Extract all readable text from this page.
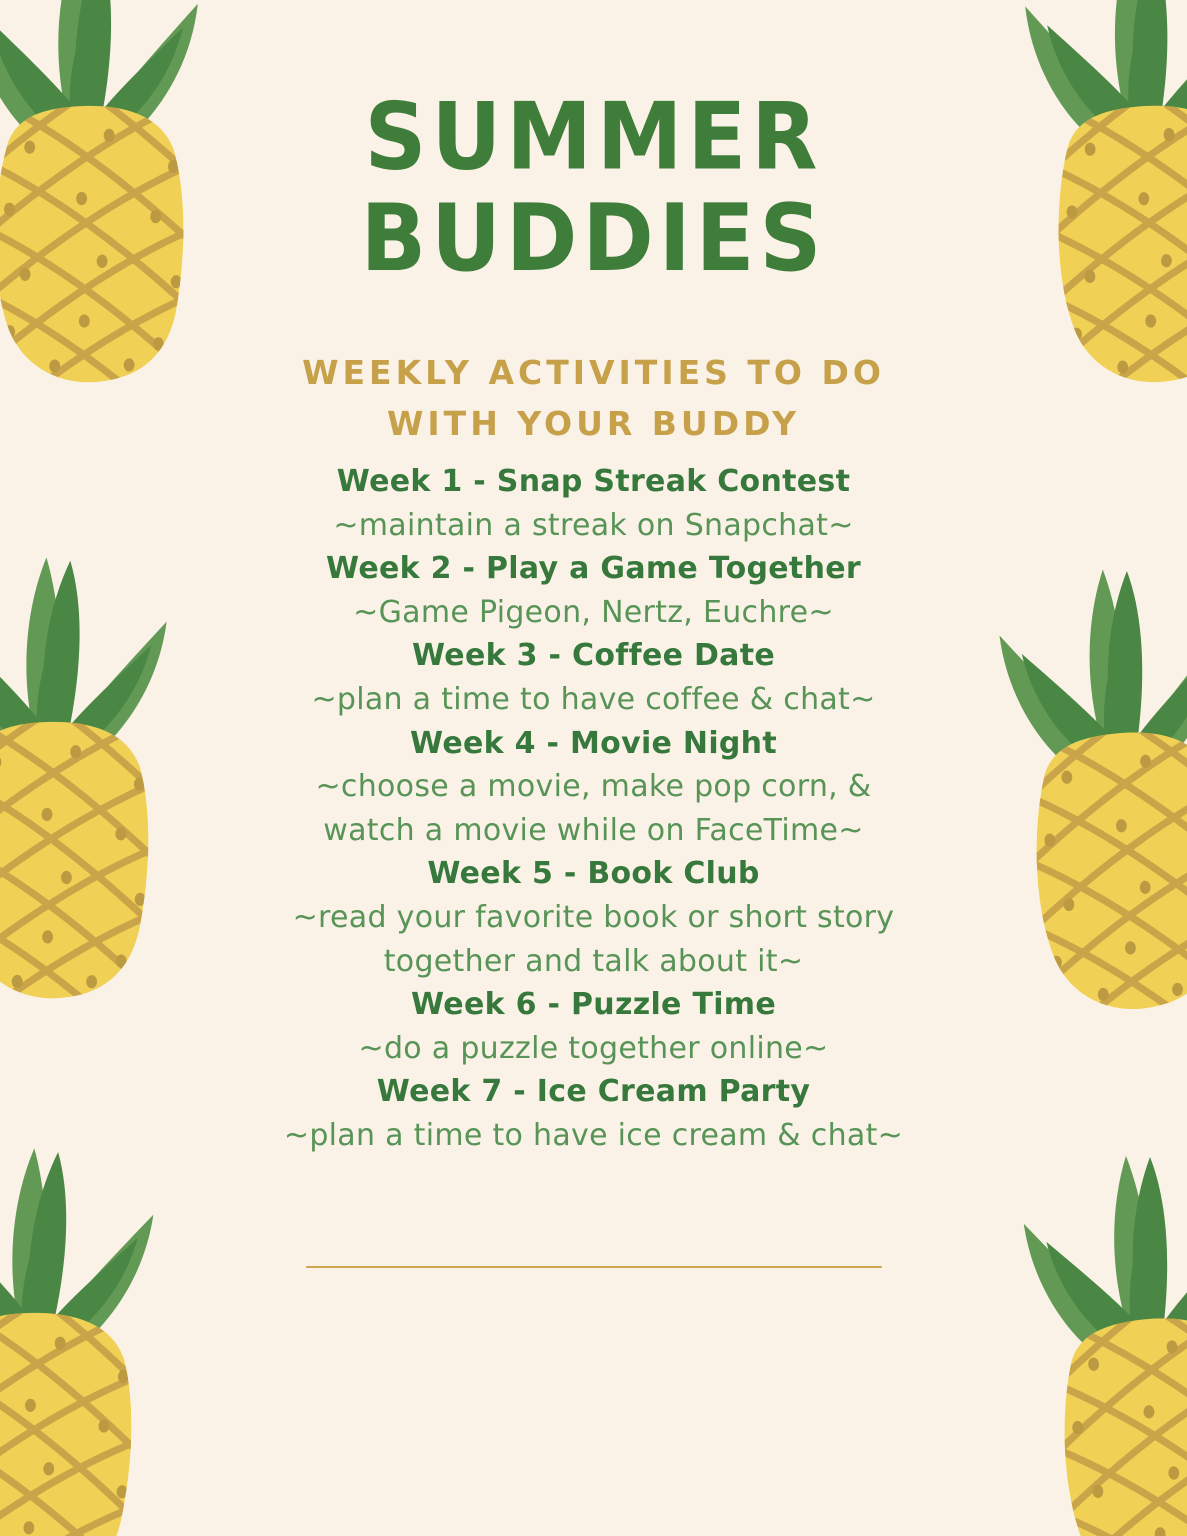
SUMMER
BUDDIES
WEEKLY ACTIVITIES TO DO WITH YOUR BUDDY
Week 1 - Snap Streak Contest
~maintain a streak on Snapchat~
Week 2 - Play a Game Together
~Game Pigeon, Nertz, Euchre~
Week 3 - Coffee Date
~plan a time to have coffee & chat~
Week 4 - Movie Night
~choose a movie, make pop corn, & watch a movie while on FaceTime~
Week 5 - Book Club
~read your favorite book or short story together and talk about it~
Week 6 - Puzzle Time
~do a puzzle together online~
Week 7 - Ice Cream Party
~plan a time to have ice cream & chat~
